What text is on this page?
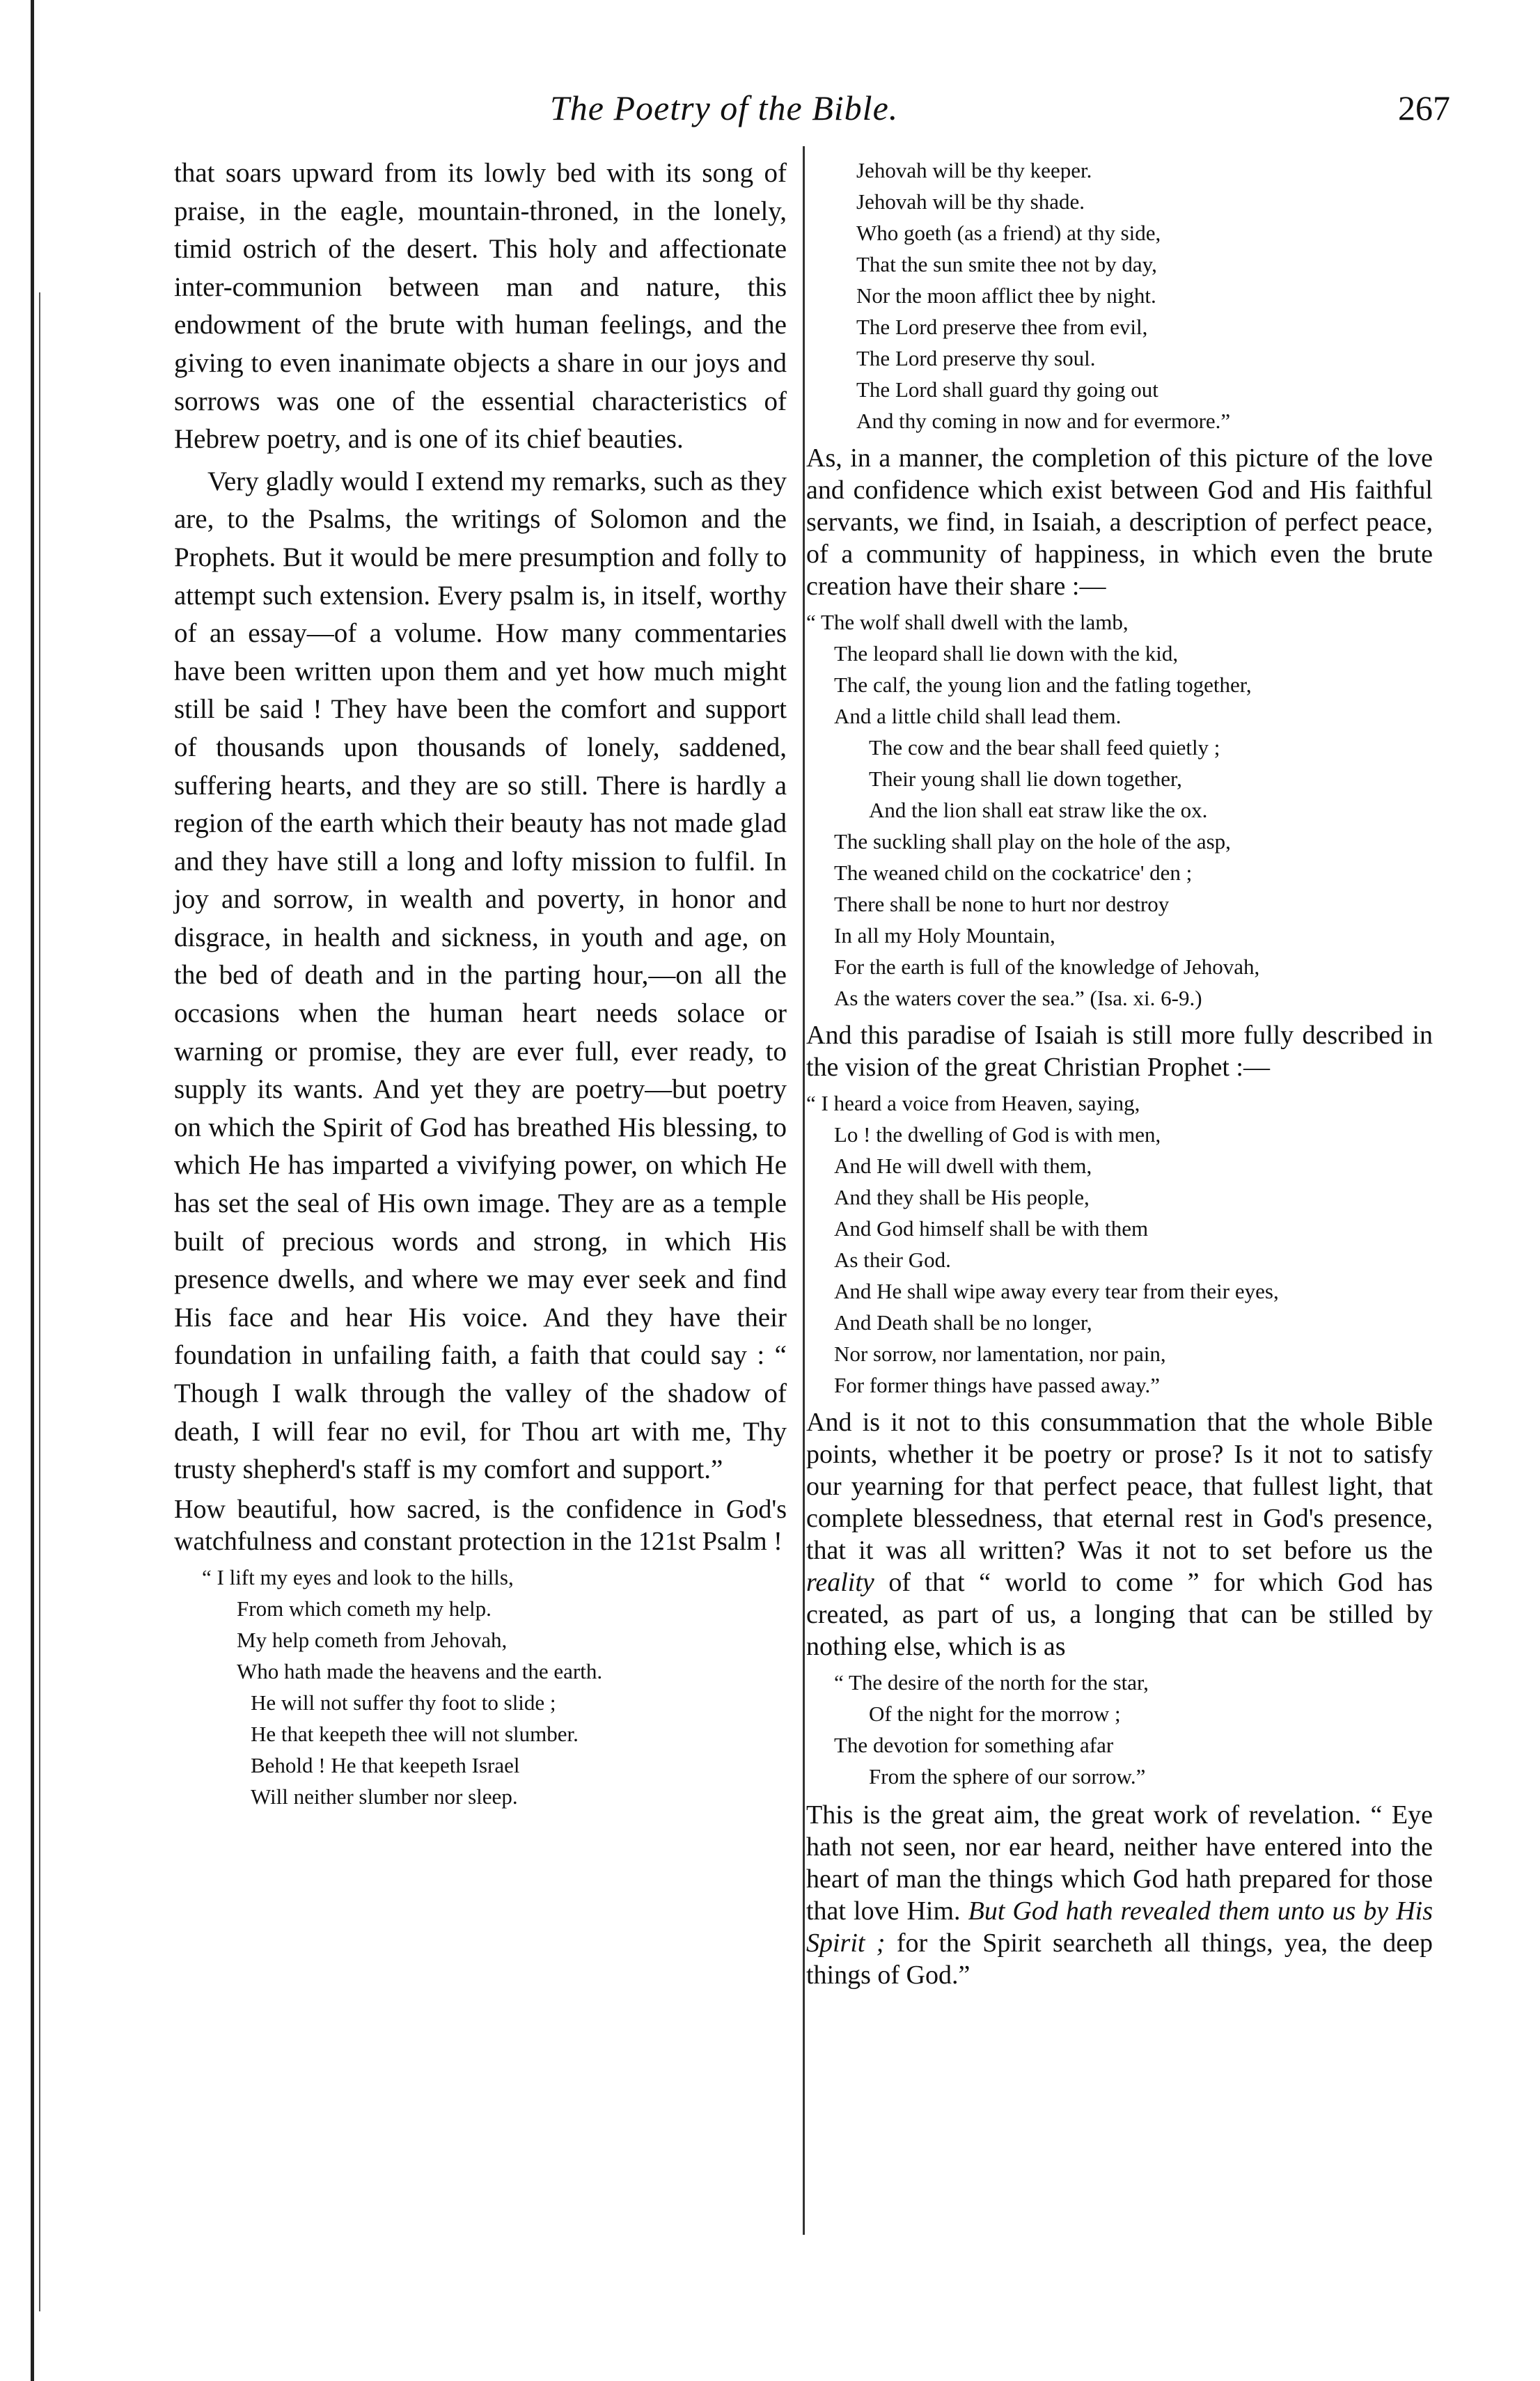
The Poetry of the Bible.	267

that soars upward from its lowly bed with its song of praise, in the eagle, mountain-throned, in the lonely, timid ostrich of the desert. This holy and affectionate inter-communion between man and nature, this endowment of the brute with human feelings, and the giving to even inanimate objects a share in our joys and sorrows was one of the essential characteristics of Hebrew poetry, and is one of its chief beauties.

Very gladly would I extend my remarks, such as they are, to the Psalms, the writings of Solomon and the Prophets. But it would be mere presumption and folly to attempt such extension. Every psalm is, in itself, worthy of an essay—of a volume. How many commentaries have been written upon them and yet how much might still be said ! They have been the comfort and support of thousands upon thousands of lonely, saddened, suffering hearts, and they are so still. There is hardly a region of the earth which their beauty has not made glad and they have still a long and lofty mission to fulfil. In joy and sorrow, in wealth and poverty, in honor and disgrace, in health and sickness, in youth and age, on the bed of death and in the parting hour,—on all the occasions when the human heart needs solace or warning or promise, they are ever full, ever ready, to supply its wants. And yet they are poetry—but poetry on which the Spirit of God has breathed His blessing, to which He has imparted a vivifying power, on which He has set the seal of His own image. They are as a temple built of precious words and strong, in which His presence dwells, and where we may ever seek and find His face and hear His voice. And they have their foundation in unfailing faith, a faith that could say : “ Though I walk through the valley of the shadow of death, I will fear no evil, for Thou art with me, Thy trusty shepherd's staff is my comfort and support.”

How beautiful, how sacred, is the confidence in God's watchfulness and constant protection in the 121st Psalm !

“ I lift my eyes and look to the hills,
From which cometh my help.
My help cometh from Jehovah,
Who hath made the heavens and the earth.
He will not suffer thy foot to slide ;
He that keepeth thee will not slumber.
Behold ! He that keepeth Israel
Will neither slumber nor sleep.
Jehovah will be thy keeper.
Jehovah will be thy shade.
Who goeth (as a friend) at thy side,
That the sun smite thee not by day,
Nor the moon afflict thee by night.
The Lord preserve thee from evil,
The Lord preserve thy soul.
The Lord shall guard thy going out
And thy coming in now and for evermore.”

As, in a manner, the completion of this picture of the love and confidence which exist between God and His faithful servants, we find, in Isaiah, a description of perfect peace, of a community of happiness, in which even the brute creation have their share :—

“ The wolf shall dwell with the lamb,
The leopard shall lie down with the kid,
The calf, the young lion and the fatling together,
And a little child shall lead them.
The cow and the bear shall feed quietly ;
Their young shall lie down together,
And the lion shall eat straw like the ox.
The suckling shall play on the hole of the asp,
The weaned child on the cockatrice' den ;
There shall be none to hurt nor destroy
In all my Holy Mountain,
For the earth is full of the knowledge of Jehovah,
As the waters cover the sea.” (Isa. xi. 6-9.)

And this paradise of Isaiah is still more fully described in the vision of the great Christian Prophet :—

“ I heard a voice from Heaven, saying,
Lo ! the dwelling of God is with men,
And He will dwell with them,
And they shall be His people,
And God himself shall be with them
As their God.
And He shall wipe away every tear from their eyes,
And Death shall be no longer,
Nor sorrow, nor lamentation, nor pain,
For former things have passed away.”

And is it not to this consummation that the whole Bible points, whether it be poetry or prose? Is it not to satisfy our yearning for that perfect peace, that fullest light, that complete blessedness, that eternal rest in God's presence, that it was all written? Was it not to set before us the reality of that “ world to come ” for which God has created, as part of us, a longing that can be stilled by nothing else, which is as

“ The desire of the north for the star,
Of the night for the morrow ;
The devotion for something afar
From the sphere of our sorrow.”

This is the great aim, the great work of revelation. “ Eye hath not seen, nor ear heard, neither have entered into the heart of man the things which God hath prepared for those that love Him. But God hath revealed them unto us by His Spirit ; for the Spirit searcheth all things, yea, the deep things of God.”
